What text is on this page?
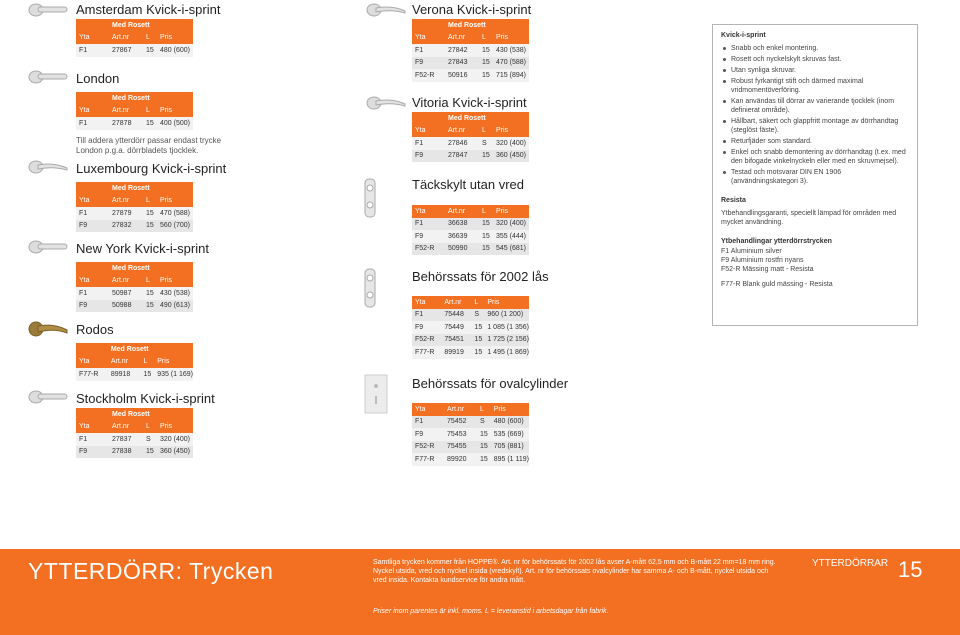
Amsterdam Kvick-i-sprint
	Med Rosett		
Yta	Art.nr	L	Pris
F1	27867	15	480 (600)
London
	Med Rosett		
Yta	Art.nr	L	Pris
F1	27878	15	400 (500)
Till addera ytterdörr passar endast trycke London p.g.a. dörrbladets tjocklek.
Luxembourg Kvick-i-sprint
	Med Rosett		
Yta	Art.nr	L	Pris
F1	27879	15	470 (588)
F9	27832	15	560 (700)
New York Kvick-i-sprint
	Med Rosett		
Yta	Art.nr	L	Pris
F1	50987	15	430 (538)
F9	50988	15	490 (613)
Rodos
	Med Rosett		
Yta	Art.nr	L	Pris
F77-R	89918	15	935 (1 169)
Stockholm Kvick-i-sprint
	Med Rosett		
Yta	Art.nr	L	Pris
F1	27837	S	320 (400)
F9	27838	15	360 (450)
Verona Kvick-i-sprint
	Med Rosett		
Yta	Art.nr	L	Pris
F1	27842	15	430 (538)
F9	27843	15	470 (588)
F52-R	50916	15	715 (894)
Vitoria Kvick-i-sprint
	Med Rosett		
Yta	Art.nr	L	Pris
F1	27846	S	320 (400)
F9	27847	15	360 (450)
Täckskylt utan vred
Yta	Art.nr	L	Pris
F1	36638	15	320 (400)
F9	36639	15	355 (444)
F52-R	50990	15	545 (681)
Behörssats för 2002 lås
Yta	Art.nr	L	Pris
F1	75448	S	960 (1 200)
F9	75449	15	1 085 (1 356)
F52-R	75451	15	1 725 (2 156)
F77-R	89919	15	1 495 (1 869)
Behörssats för ovalcylinder
Yta	Art.nr	L	Pris
F1	75452	S	480 (600)
F9	75453	15	535 (669)
F52-R	75455	15	705 (881)
F77-R	89920	15	895 (1 119)
Kvick-i-sprint
Snabb och enkel montering.
Rosett och nyckelskylt skruvas fast.
Utan synliga skruvar.
Robust fyrkantigt stift och därmed maximal vridmomentöverföring.
Kan användas till dörrar av varierande tjocklek (inom definierat område).
Hållbart, säkert och glappfritt montage av dörrhandtag (steglöst fäste).
Returfjäder som standard.
Enkel och snabb demontering av dörrhandtag (t.ex. med den bifogade vinkelnyckeln eller med en skruvmejsel).
Testad och motsvarar DIN EN 1906 (användningskategori 3).
Resista
Ytbehandlingsgaranti, speciellt lämpad för områden med mycket användning.
Ytbehandlingar ytterdörrstrycken
F1 Aluminium silver
F9 Aluminium rostfri nyans
F52-R Mässing matt - Resista
F77-R Blank guld mässing - Resista
YTTERDÖRR: Trycken	Samtliga trycken kommer från HOPPE®. Art. nr för behörssats för 2002 lås avser A-mått 62,5 mm och B-mått 22 mm=18 mm ring. Nyckel utsida, vred och nyckel insida (vredskylt). Art. nr för behörssats ovalcylinder har samma A- och B-mått, nyckel utsida och vred insida. Kontakta kundservice för andra mått.
Priser inom parentes är inkl. moms. L = leveranstid i arbetsdagar från fabrik.
YTTERDÖRRAR 15
